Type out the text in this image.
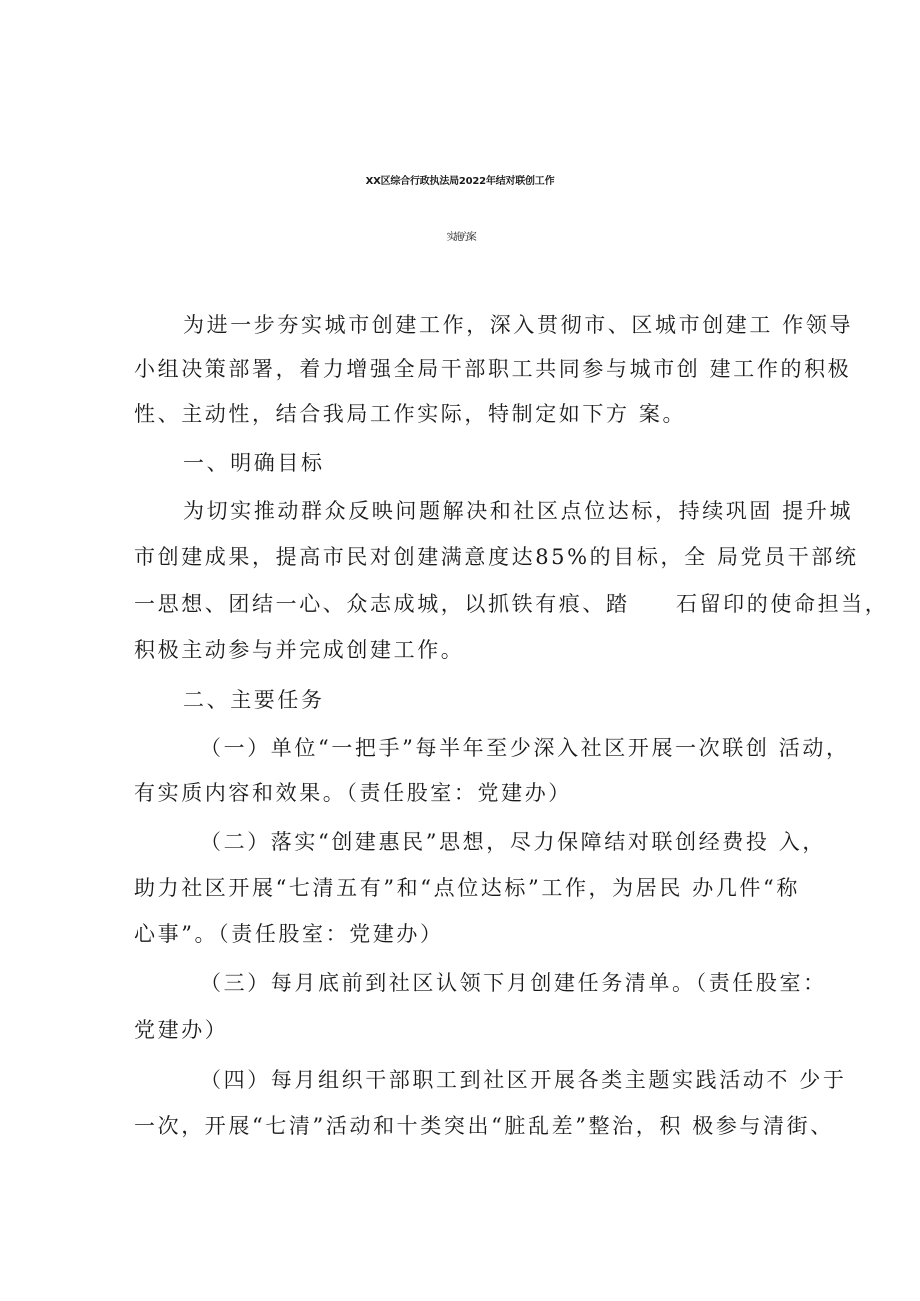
XX区综合行政执法局2022年结对联创工作
实施方案
为进一步夯实城市创建工作，深入贯彻市、区城市创建工 作领导
小组决策部署，着力增强全局干部职工共同参与城市创 建工作的积极
性、主动性，结合我局工作实际，特制定如下方 案。
一、明确目标
为切实推动群众反映问题解决和社区点位达标，持续巩固 提升城
市创建成果，提高市民对创建满意度达85%的目标，全 局党员干部统
一思想、团结一心、众志成城，以抓铁有痕、踏     石留印的使命担当，
积极主动参与并完成创建工作。
二、主要任务
（一）单位“一把手”每半年至少深入社区开展一次联创 活动，
有实质内容和效果。（责任股室：党建办）
（二）落实“创建惠民”思想，尽力保障结对联创经费投 入，
助力社区开展“七清五有”和“点位达标”工作，为居民 办几件“称
心事”。（责任股室：党建办）
（三）每月底前到社区认领下月创建任务清单。（责任股室：
党建办）
（四）每月组织干部职工到社区开展各类主题实践活动不 少于
一次，开展“七清”活动和十类突出“脏乱差”整治，积 极参与清街、
